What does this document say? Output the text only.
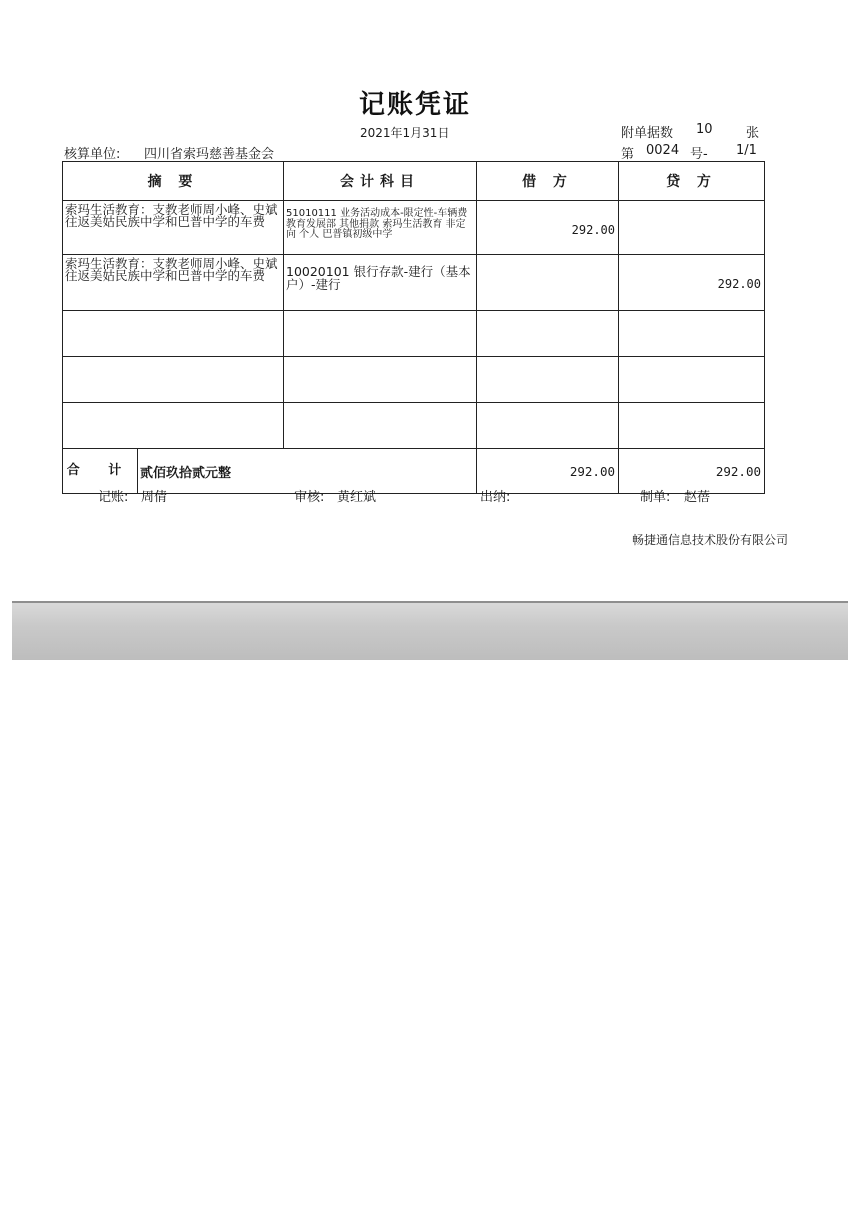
记账凭证
2021年1月31日	附单据数 10	张
核算单位: 四川省索玛慈善基金会	第 0024 号- 1/1
摘 要	会计科目	借 方	贷 方
索玛生活教育：支教老师周小峰、史斌往返美姑民族中学和巴普中学的车费	51010111 业务活动成本-限定性-车辆费 教育发展部 其他捐款 索玛生活教育 非定向 个人 巴普镇初级中学	292.00	
索玛生活教育：支教老师周小峰、史斌往返美姑民族中学和巴普中学的车费	10020101 银行存款-建行（基本户）-建行		292.00

合 计 贰佰玖拾贰元整		292.00	292.00
记账: 周倩	审核: 黄红斌	出纳:	制单: 赵蓓
畅捷通信息技术股份有限公司
